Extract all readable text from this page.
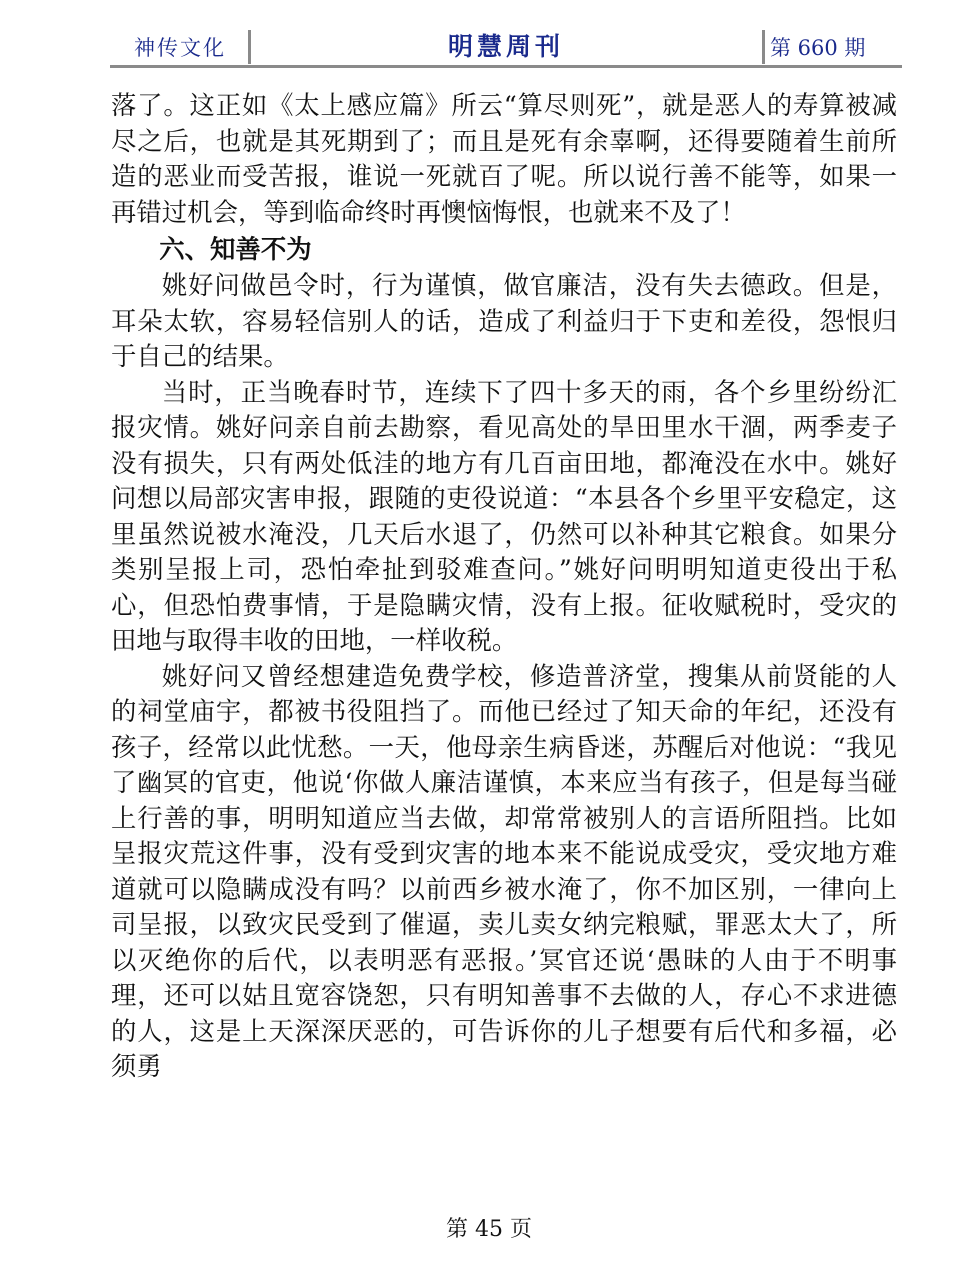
神传文化	明慧周刊	第 660 期

落了。这正如《太上感应篇》所云“算尽则死”，就是恶人的寿算被减尽之后，也就是其死期到了；而且是死有余辜啊，还得要随着生前所造的恶业而受苦报，谁说一死就百了呢。所以说行善不能等，如果一再错过机会，等到临命终时再懊恼悔恨，也就来不及了！

六、知善不为

姚好问做邑令时，行为谨慎，做官廉洁，没有失去德政。但是，耳朵太软，容易轻信别人的话，造成了利益归于下吏和差役，怨恨归于自己的结果。

当时，正当晚春时节，连续下了四十多天的雨，各个乡里纷纷汇报灾情。姚好问亲自前去勘察，看见高处的旱田里水干涸，两季麦子没有损失，只有两处低洼的地方有几百亩田地，都淹没在水中。姚好问想以局部灾害申报，跟随的吏役说道：“本县各个乡里平安稳定，这里虽然说被水淹没，几天后水退了，仍然可以补种其它粮食。如果分类别呈报上司，恐怕牵扯到驳难查问。”姚好问明明知道吏役出于私心，但恐怕费事情，于是隐瞒灾情，没有上报。征收赋税时，受灾的田地与取得丰收的田地，一样收税。

姚好问又曾经想建造免费学校，修造普济堂，搜集从前贤能的人的祠堂庙宇，都被书役阻挡了。而他已经过了知天命的年纪，还没有孩子，经常以此忧愁。一天，他母亲生病昏迷，苏醒后对他说：“我见了幽冥的官吏，他说‘你做人廉洁谨慎，本来应当有孩子，但是每当碰上行善的事，明明知道应当去做，却常常被别人的言语所阻挡。比如呈报灾荒这件事，没有受到灾害的地本来不能说成受灾，受灾地方难道就可以隐瞒成没有吗？以前西乡被水淹了，你不加区别，一律向上司呈报，以致灾民受到了催逼，卖儿卖女纳完粮赋，罪恶太大了，所以灭绝你的后代，以表明恶有恶报。’冥官还说‘愚昧的人由于不明事理，还可以姑且宽容饶恕，只有明知善事不去做的人，存心不求进德的人，这是上天深深厌恶的，可告诉你的儿子想要有后代和多福，必须勇

第 45 页
